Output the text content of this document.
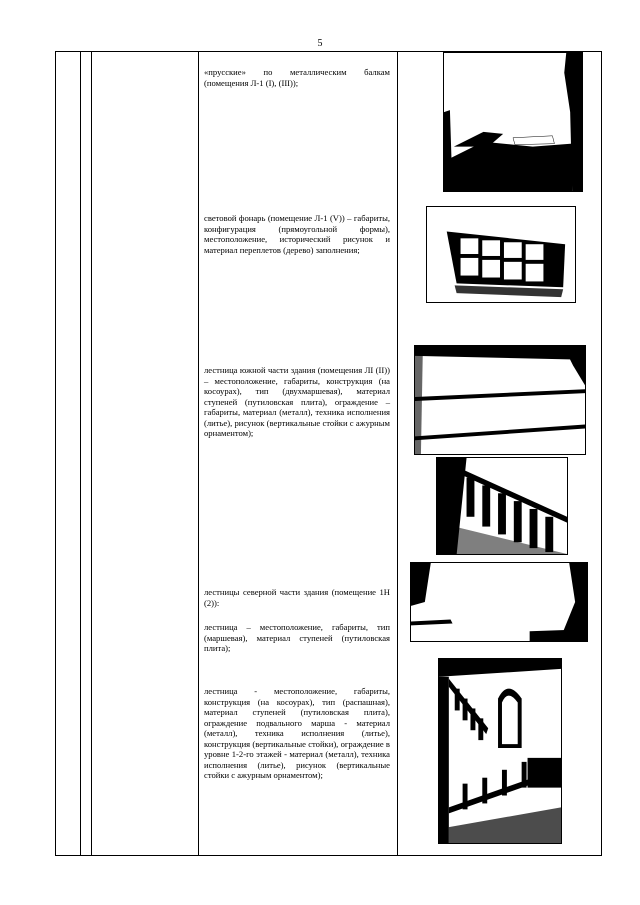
5
«прусские» по металлическим балкам (помещения Л-1 (I), (III));
световой фонарь (помещение Л-1 (V)) – габариты, конфигурация (прямоугольной формы), местоположение, исторический рисунок и материал переплетов (дерево) заполнения;
лестница южной части здания (помещения ЛI (II)) – местоположение, габариты, конструкция (на косоурах), тип (двухмаршевая), материал ступеней (путиловская плита), ограждение – габариты, материал (металл), техника исполнения (литье), рисунок (вертикальные стойки с ажурным орнаментом);
лестницы северной части здания (помещение 1Н (2)):
лестница – местоположение, габариты, тип (маршевая), материал ступеней (путиловская плита);
лестница - местоположение, габариты, конструкция (на косоурах), тип (распашная), материал ступеней (путиловская плита), ограждение подвального марша - материал (металл), техника исполнения (литье), конструкция (вертикальные стойки), ограждение в уровне 1-2-го этажей - материал (металл), техника исполнения (литье), рисунок (вертикальные стойки с ажурным орнаментом);
